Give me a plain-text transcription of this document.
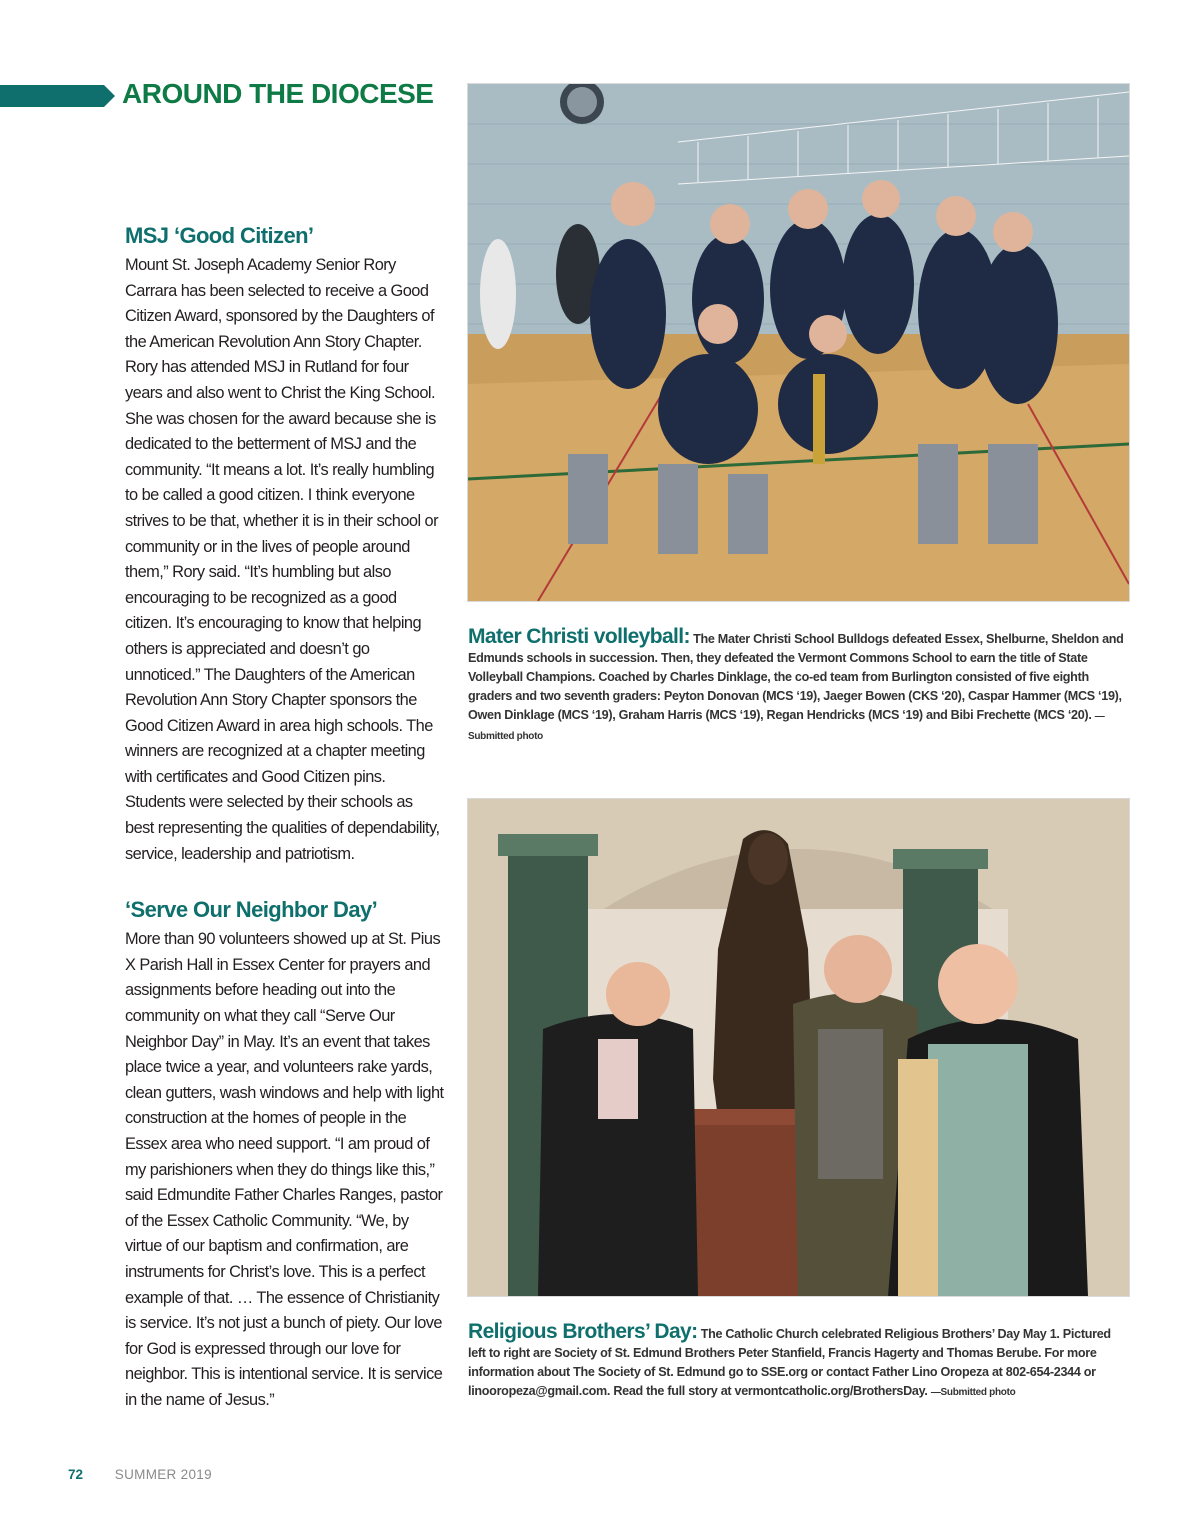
AROUND THE DIOCESE
MSJ ‘Good Citizen’

Mount St. Joseph Academy Senior Rory Carrara has been selected to receive a Good Citizen Award, sponsored by the Daughters of the American Revolution Ann Story Chapter. Rory has attended MSJ in Rutland for four years and also went to Christ the King School. She was chosen for the award because she is dedicated to the betterment of MSJ and the community. “It means a lot. It’s really humbling to be called a good citizen. I think everyone strives to be that, whether it is in their school or community or in the lives of people around them,” Rory said. “It’s humbling but also encouraging to be recognized as a good citizen. It’s encouraging to know that helping others is appreciated and doesn’t go unnoticed.” The Daughters of the American Revolution Ann Story Chapter sponsors the Good Citizen Award in area high schools. The winners are recognized at a chapter meeting with certificates and Good Citizen pins. Students were selected by their schools as best representing the qualities of dependability, service, leadership and patriotism.

‘Serve Our Neighbor Day’

More than 90 volunteers showed up at St. Pius X Parish Hall in Essex Center for prayers and assignments before heading out into the community on what they call “Serve Our Neighbor Day” in May. It’s an event that takes place twice a year, and volunteers rake yards, clean gutters, wash windows and help with light construction at the homes of people in the Essex area who need support. “I am proud of my parishioners when they do things like this,” said Edmundite Father Charles Ranges, pastor of the Essex Catholic Community. “We, by virtue of our baptism and confirmation, are instruments for Christ’s love. This is a perfect example of that. … The essence of Christianity is service. It’s not just a bunch of piety. Our love for God is expressed through our love for neighbor. This is intentional service. It is service in the name of Jesus.”

Mater Christi volleyball: The Mater Christi School Bulldogs defeated Essex, Shelburne, Sheldon and Edmunds schools in succession. Then, they defeated the Vermont Commons School to earn the title of State Volleyball Champions. Coached by Charles Dinklage, the co-ed team from Burlington consisted of five eighth graders and two seventh graders: Peyton Donovan (MCS ‘19), Jaeger Bowen (CKS ‘20), Caspar Hammer (MCS ‘19), Owen Dinklage (MCS ‘19), Graham Harris (MCS ‘19), Regan Hendricks (MCS ‘19) and Bibi Frechette (MCS ‘20). —Submitted photo

Religious Brothers’ Day: The Catholic Church celebrated Religious Brothers’ Day May 1. Pictured left to right are Society of St. Edmund Brothers Peter Stanfield, Francis Hagerty and Thomas Berube. For more information about The Society of St. Edmund go to SSE.org or contact Father Lino Oropeza at 802-654-2344 or linooropeza@gmail.com. Read the full story at vermontcatholic.org/BrothersDay. —Submitted photo

72 SUMMER 2019
